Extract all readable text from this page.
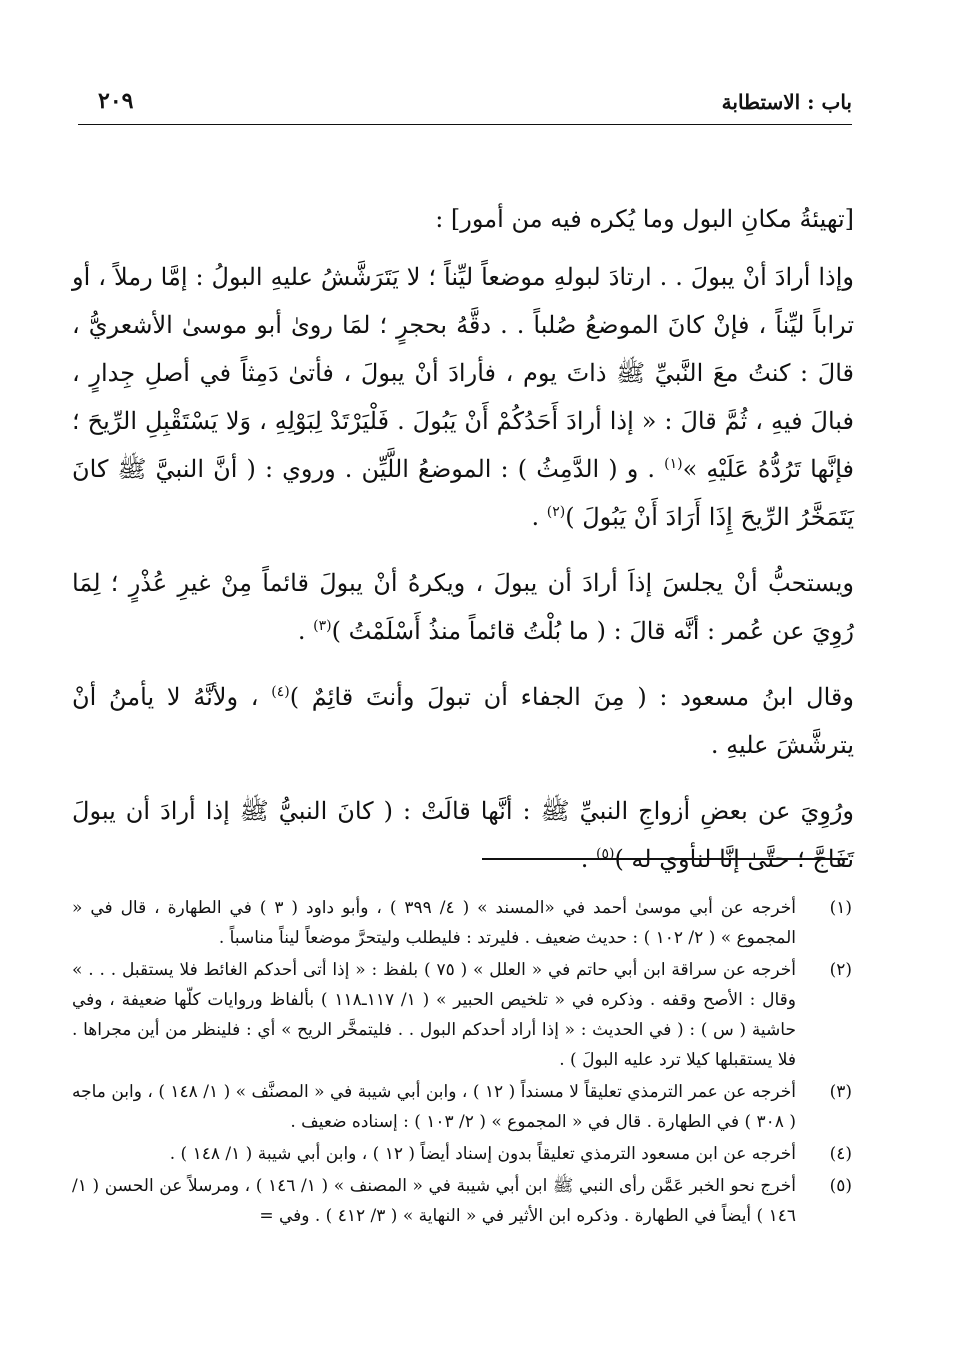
باب : الاستطابة
٢٠٩

[تهيئةُ مكانِ البول وما يُكره فيه من أمور] :

وإذا أرادَ أنْ يبولَ . . ارتادَ لبولهِ موضعاً ليِّناً ؛ لا يَتَرَشَّشُ عليهِ البولُ : إمَّا رملاً ، أو تراباً ليِّناً ، فإنْ كانَ الموضعُ صُلباً . . دقَّهُ بحجرٍ ؛ لمَا روىٰ أبو موسىٰ الأشعريُّ ، قالَ : كنتُ معَ النَّبيِّ ﷺ ذاتَ يوم ، فأرادَ أنْ يبولَ ، فأتىٰ دَمِثاً في أصلِ جِدارٍ ، فبالَ فيهِ ، ثُمَّ قالَ : « إذا أرادَ أَحَدُكُمْ أَنْ يَبُولَ . فَلْيَرْتَدْ لِبَوْلِهِ ، وَلا يَسْتَقْبِلِ الرِّيحَ ؛ فإنَّها تَرُدُّهُ عَلَيْهِ »$^{(١)}$ . و ( الدَّمِثُ ) : الموضعُ اللَّيِّن . وروي : ( أنَّ النبيَّ ﷺ كانَ يَتَمَخَّرُ الرِّيحَ إِذَا أَرَادَ أَنْ يَبُولَ )$^{(٢)}$ .

ويستحبُّ أنْ يجلسَ إذاَ أرادَ أن يبولَ ، ويكرهُ أنْ يبولَ قائماً مِنْ غيرِ عُذْرٍ ؛ لِمَا رُوِيَ عن عُمر : أنَّه قالَ : ( ما بُلْتُ قائماً منذُ أَسْلَمْتُ )$^{(٣)}$ .

وقال ابنُ مسعود : ( مِنَ الجفاء أن تبولَ وأنتَ قائِمٌ )$^{(٤)}$ ، ولأنَّهُ لا يأمنُ أنْ يترشَّشَ عليهِ .

ورُوِيَ عن بعضِ أزواجِ النبيِّ ﷺ : أنَّها قالَتْ : ( كانَ النبيُّ ﷺ إذا أرادَ أن يبولَ تَفَاجَّ ؛ حتَّىٰ إنَّا لنأوي له )$^{(٥)}$ .

(١)
أخرجه عن أبي موسىٰ أحمد في «المسند » ( ٤/ ٣٩٩ ) ، وأبو داود ( ٣ ) في الطهارة ، قال في « المجموع » ( ٢/ ١٠٢ ) : حديث ضعيف . فليرتد : فليطلب وليتحرَّ موضعاً ليناً مناسباً .
(٢)
أخرجه عن سراقة ابن أبي حاتم في « العلل » ( ٧٥ ) بلفظ : « إذا أتى أحدكم الغائط فلا يستقبل . . . » وقال : الأصح وقفه . وذكره في « تلخيص الحبير » ( ١/ ١١٧ـ١١٨ ) بألفاظ وروايات كلّها ضعيفة ، وفي حاشية ( س ) : ( في الحديث : « إذا أراد أحدكم البول . . فليتمخَّر الريح » أي : فلينظر من أين مجراها . فلا يستقبلها كيلا ترد عليه البولَ ) .
(٣)
أخرجه عن عمر الترمذي تعليقاً لا مسنداً ( ١٢ ) ، وابن أبي شيبة في « المصنَّف » ( ١/ ١٤٨ ) ، وابن ماجه ( ٣٠٨ ) في الطهارة . قال في « المجموع » ( ٢/ ١٠٣ ) : إسناده ضعيف .
(٤)
أخرجه عن ابن مسعود الترمذي تعليقاً بدون إسناد أيضاً ( ١٢ ) ، وابن أبي شيبة ( ١/ ١٤٨ ) .
(٥)
أخرج نحو الخبر عَمَّن رأى النبي ﷺ ابن أبي شيبة في « المصنف » ( ١/ ١٤٦ ) ، ومرسلاً عن الحسن ( ١/ ١٤٦ ) أيضاً في الطهارة . وذكره ابن الأثير في « النهاية » ( ٣/ ٤١٢ ) . وفي =
